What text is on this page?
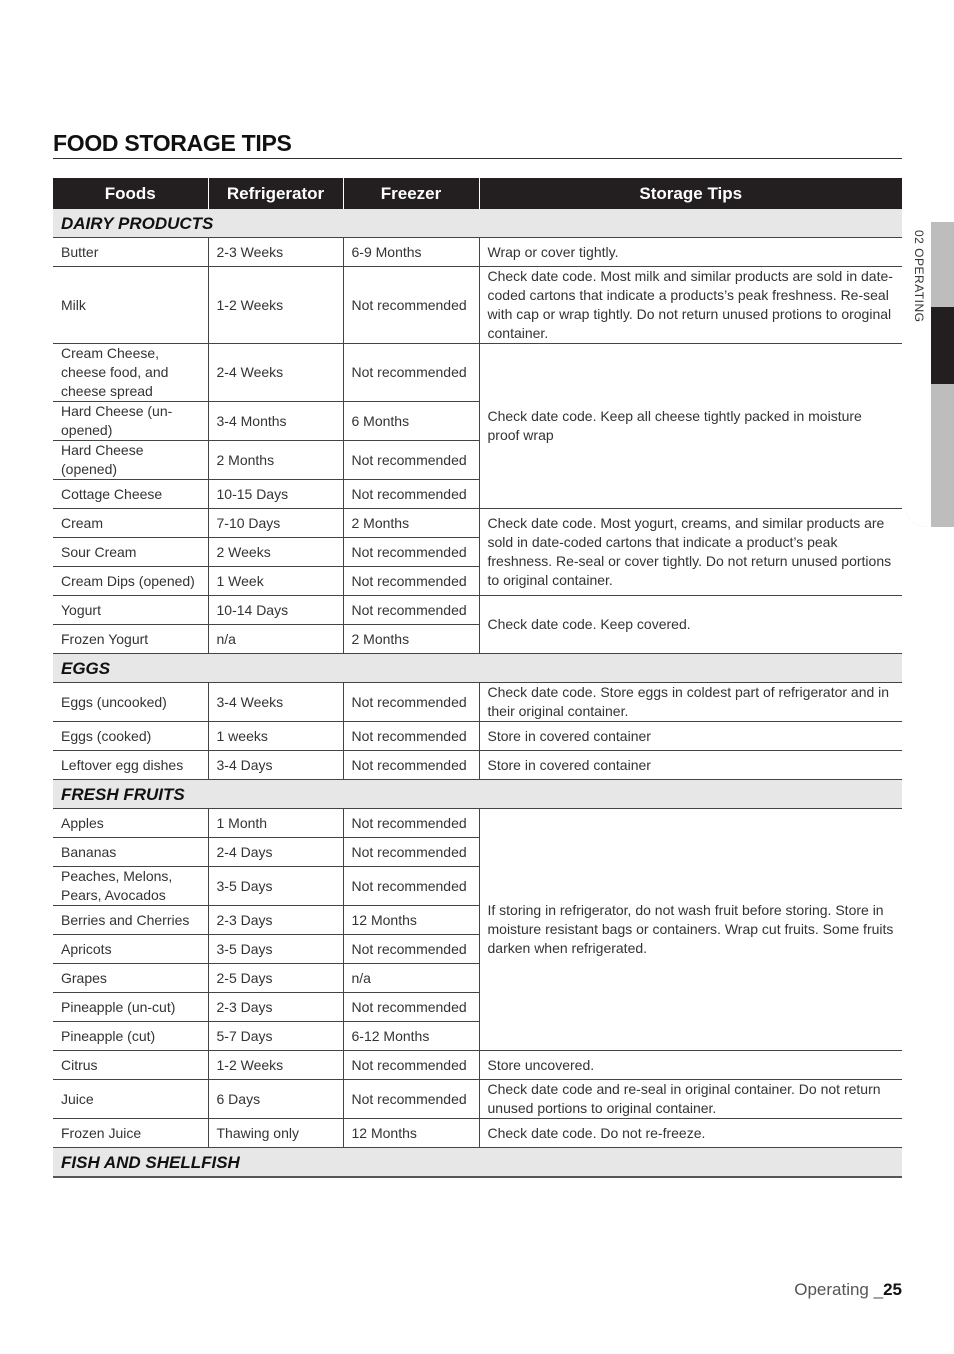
FOOD STORAGE TIPS
Foods	Refrigerator	Freezer	Storage Tips
DAIRY PRODUCTS			
Butter	2-3 Weeks	6-9 Months	Wrap or cover tightly.
Milk	1-2 Weeks	Not recommended	Check date code. Most milk and similar products are sold in date-coded cartons that indicate a products’s peak freshness. Re-seal with cap or wrap tightly. Do not return unused protions to oroginal container.
Cream Cheese, cheese food, and cheese spread	2-4 Weeks	Not recommended	Check date code. Keep all cheese tightly packed in moisture proof wrap
Hard Cheese (un-opened)	3-4 Months	6 Months	
Hard Cheese (opened)	2 Months	Not recommended	
Cottage Cheese	10-15 Days	Not recommended	
Cream	7-10 Days	2 Months	Check date code. Most yogurt, creams, and similar products are sold in date-coded cartons that indicate a product’s peak freshness. Re-seal or cover tightly. Do not return unused portions to original container.
Sour Cream	2 Weeks	Not recommended	
Cream Dips (opened)	1 Week	Not recommended	
Yogurt	10-14 Days	Not recommended	Check date code. Keep covered.
Frozen Yogurt	n/a	2 Months	
EGGS			
Eggs (uncooked)	3-4 Weeks	Not recommended	Check date code. Store eggs in coldest part of refrigerator and in their original container.
Eggs (cooked)	1 weeks	Not recommended	Store in covered container
Leftover egg dishes	3-4 Days	Not recommended	Store in covered container
FRESH FRUITS			
Apples	1 Month	Not recommended	If storing in refrigerator, do not wash fruit before storing. Store in moisture resistant bags or containers. Wrap cut fruits. Some fruits darken when refrigerated.
Bananas	2-4 Days	Not recommended	
Peaches, Melons, Pears, Avocados	3-5 Days	Not recommended	
Berries and Cherries	2-3 Days	12 Months	
Apricots	3-5 Days	Not recommended	
Grapes	2-5 Days	n/a	
Pineapple (un-cut)	2-3 Days	Not recommended	
Pineapple (cut)	5-7 Days	6-12 Months	
Citrus	1-2 Weeks	Not recommended	Store uncovered.
Juice	6 Days	Not recommended	Check date code and re-seal in original container. Do not return unused portions to original container.
Frozen Juice	Thawing only	12 Months	Check date code. Do not re-freeze.
FISH AND SHELLFISH			
02 OPERATING
Operating _25
